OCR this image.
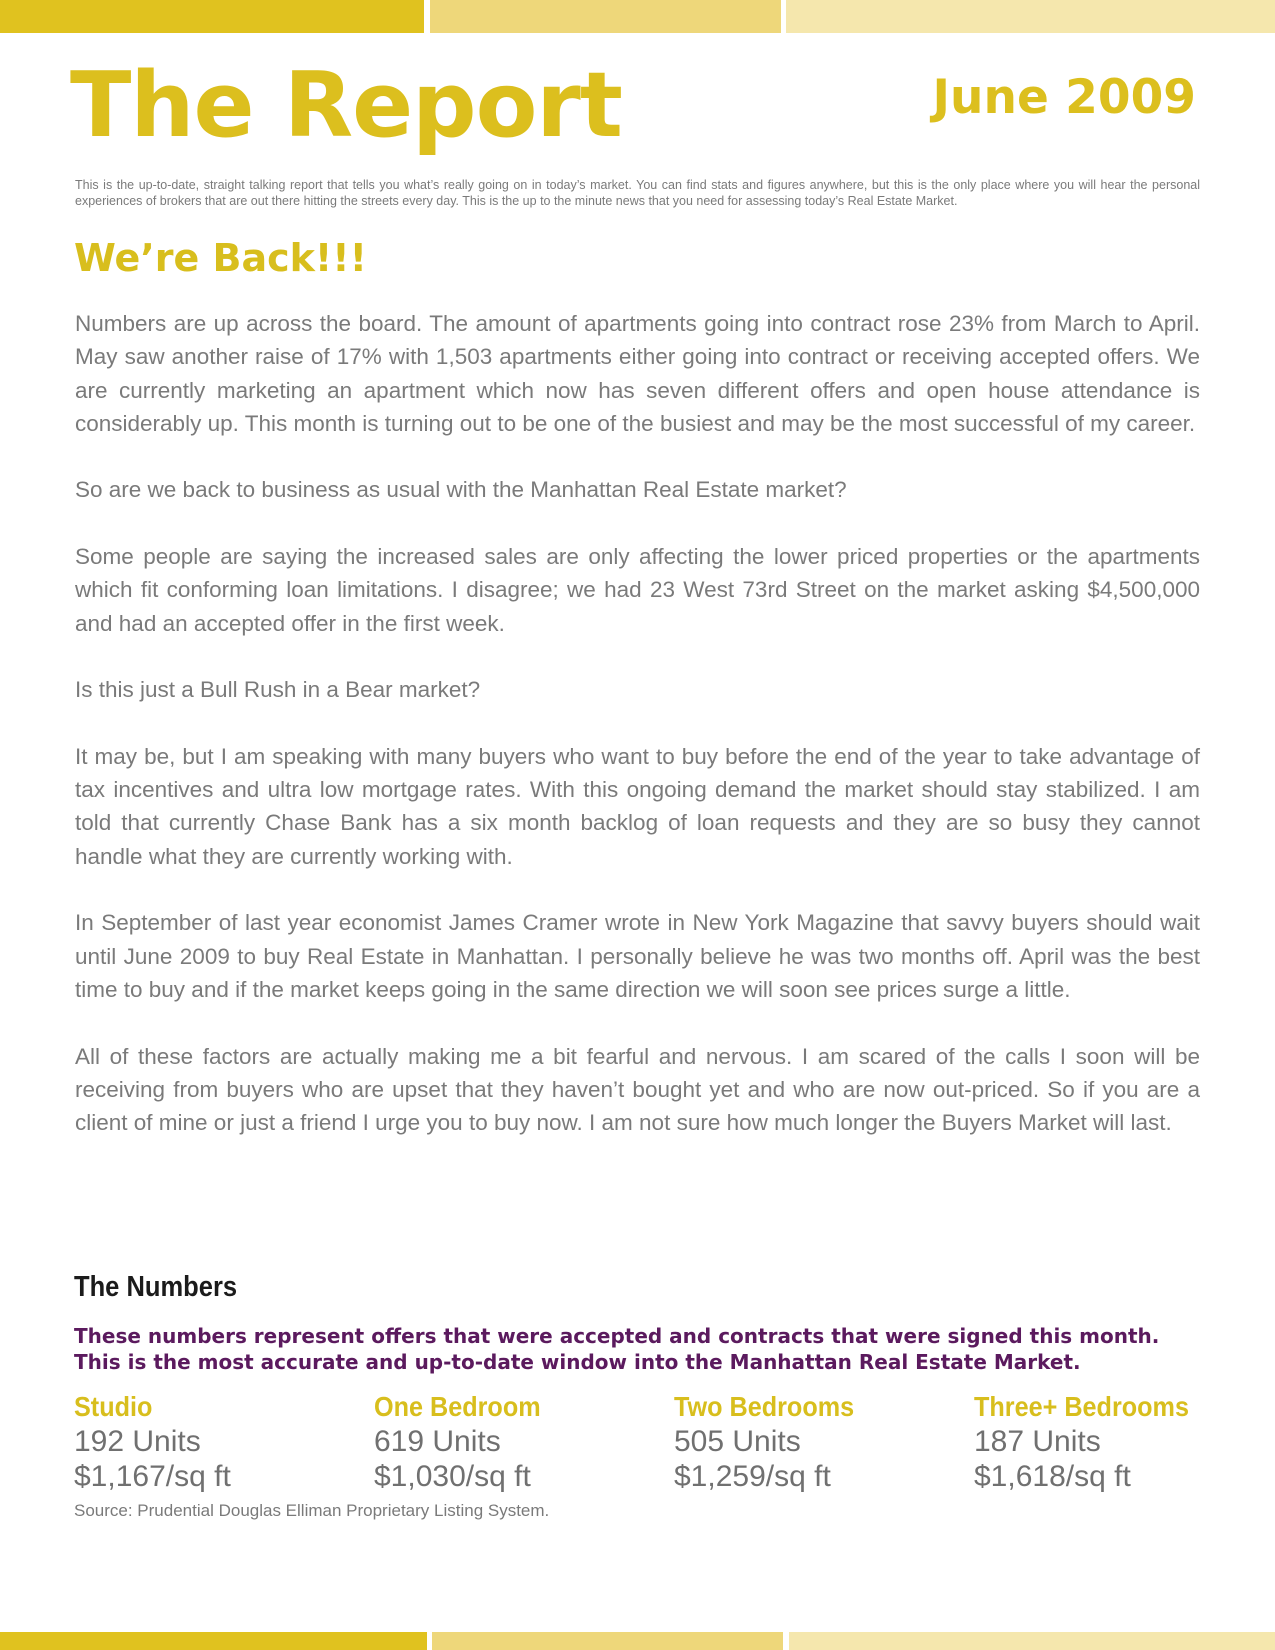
The Report	June 2009

This is the up-to-date, straight talking report that tells you what’s really going on in today’s market. You can find stats and figures anywhere, but this is the only place where you will hear the personal experiences of brokers that are out there hitting the streets every day. This is the up to the minute news that you need for assessing today’s Real Estate Market.

We’re Back!!!

Numbers are up across the board. The amount of apartments going into contract rose 23% from March to April. May saw another raise of 17% with 1,503 apartments either going into contract or receiving accepted offers. We are currently marketing an apartment which now has seven different offers and open house attendance is considerably up. This month is turning out to be one of the busiest and may be the most successful of my career.

So are we back to business as usual with the Manhattan Real Estate market?

Some people are saying the increased sales are only affecting the lower priced properties or the apartments which fit conforming loan limitations. I disagree; we had 23 West 73rd Street on the market asking $4,500,000 and had an accepted offer in the first week.

Is this just a Bull Rush in a Bear market?

It may be, but I am speaking with many buyers who want to buy before the end of the year to take advantage of tax incentives and ultra low mortgage rates. With this ongoing demand the market should stay stabilized. I am told that currently Chase Bank has a six month backlog of loan requests and they are so busy they cannot handle what they are currently working with.

In September of last year economist James Cramer wrote in New York Magazine that savvy buyers should wait until June 2009 to buy Real Estate in Manhattan. I personally believe he was two months off. April was the best time to buy and if the market keeps going in the same direction we will soon see prices surge a little.

All of these factors are actually making me a bit fearful and nervous. I am scared of the calls I soon will be receiving from buyers who are upset that they haven’t bought yet and who are now out-priced. So if you are a client of mine or just a friend I urge you to buy now. I am not sure how much longer the Buyers Market will last.

The Numbers

These numbers represent offers that were accepted and contracts that were signed this month. This is the most accurate and up-to-date window into the Manhattan Real Estate Market.

Studio
192 Units
$1,167/sq ft
One Bedroom
619 Units
$1,030/sq ft
Two Bedrooms
505 Units
$1,259/sq ft
Three+ Bedrooms
187 Units
$1,618/sq ft

Source: Prudential Douglas Elliman Proprietary Listing System.
